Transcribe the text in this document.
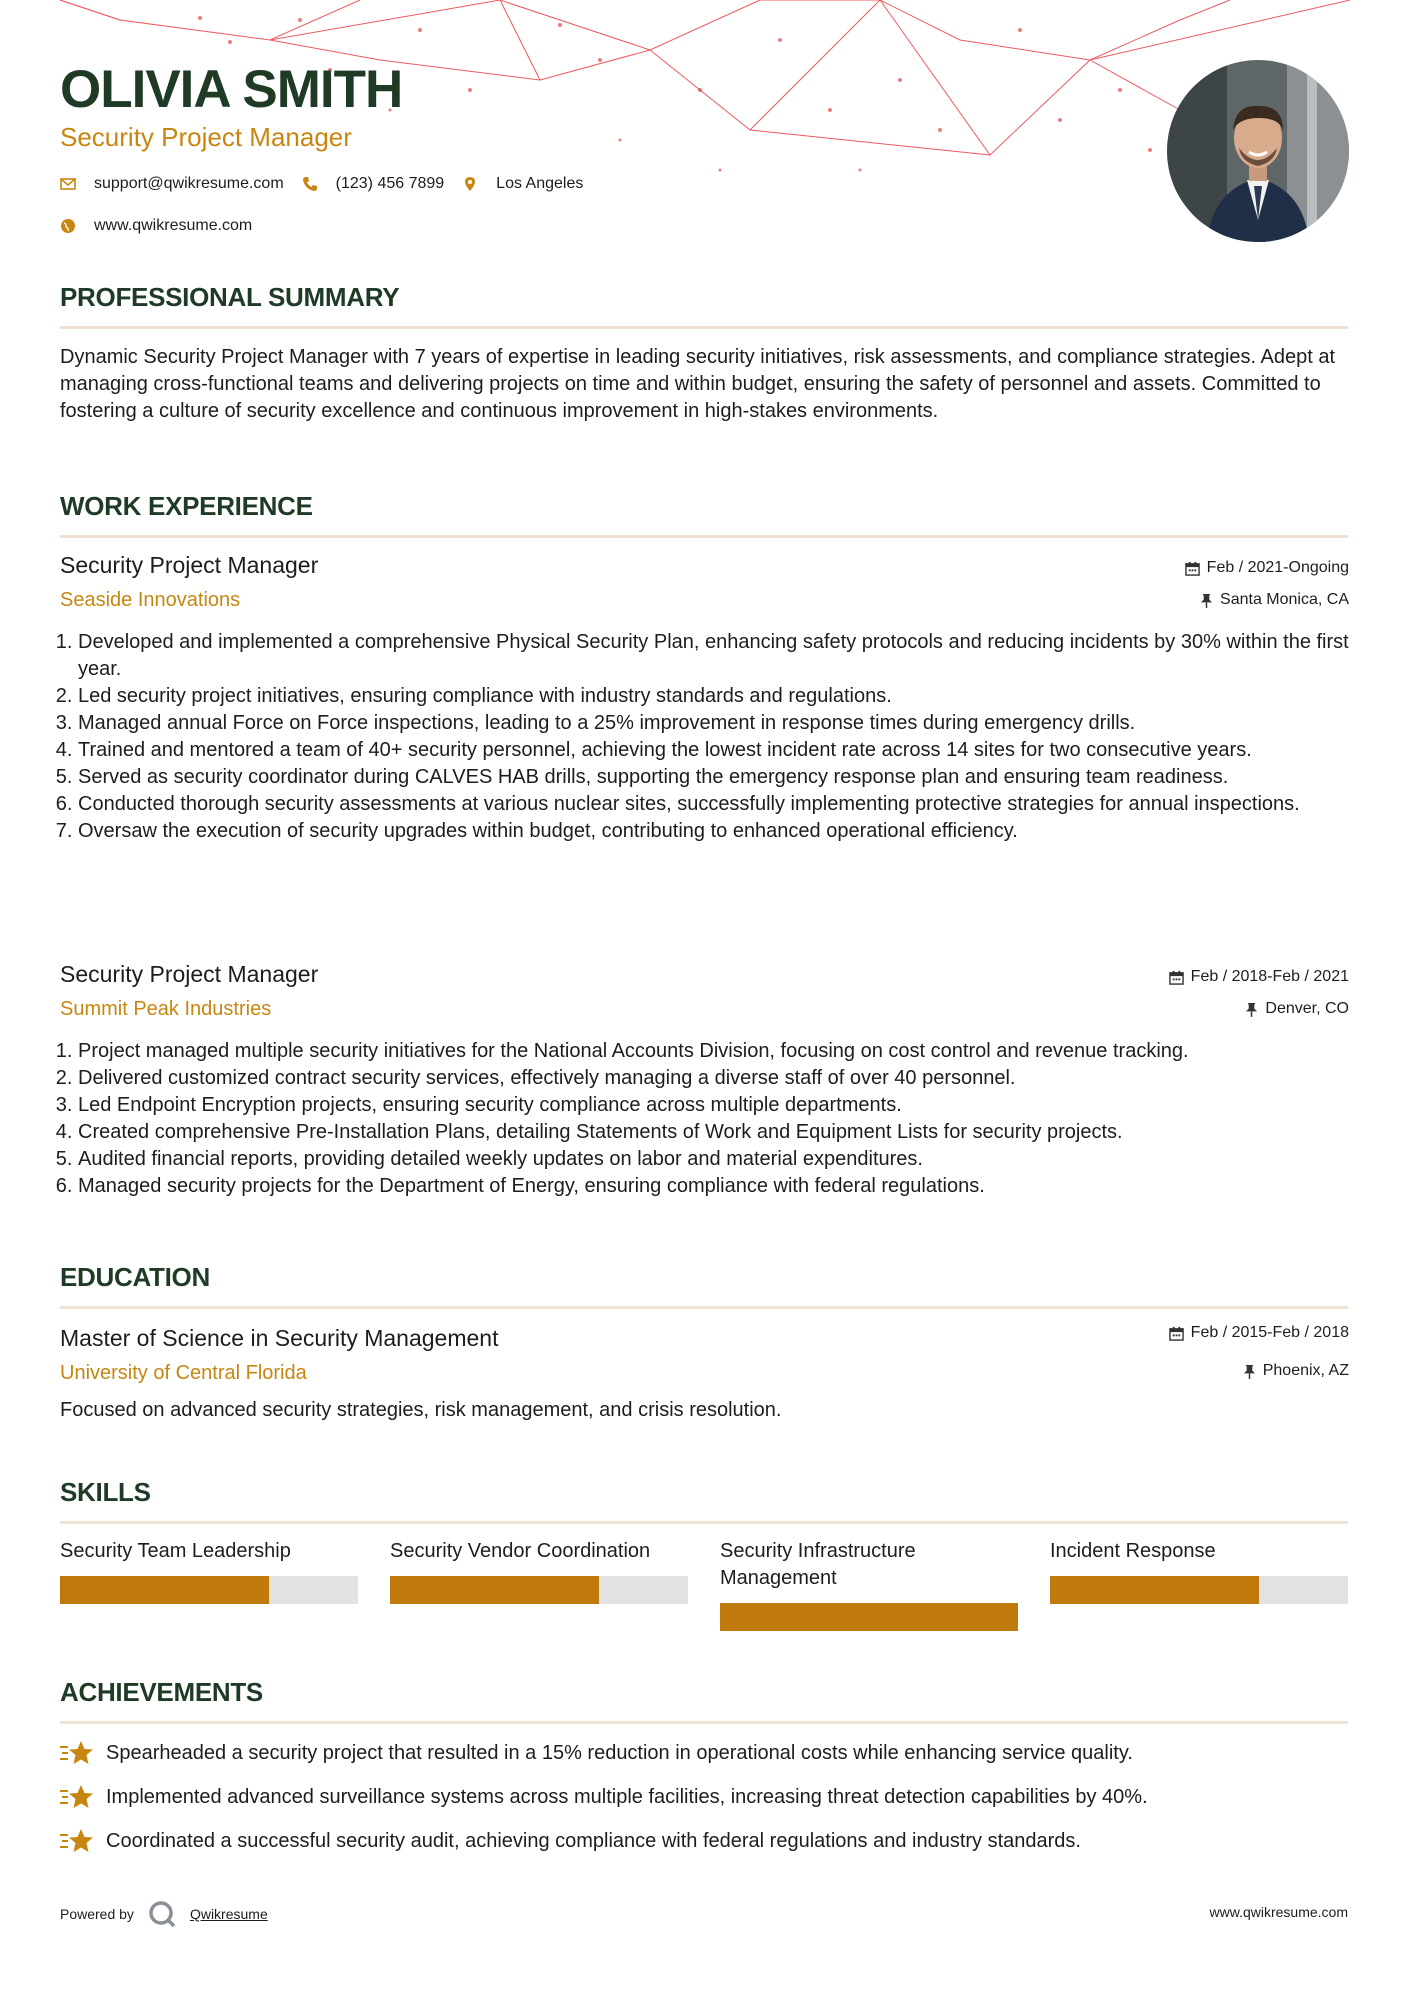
OLIVIA SMITH
Security Project Manager
support@qwikresume.com	(123) 456 7899	Los Angeles
www.qwikresume.com
PROFESSIONAL SUMMARY
Dynamic Security Project Manager with 7 years of expertise in leading security initiatives, risk assessments, and compliance strategies. Adept at managing cross-functional teams and delivering projects on time and within budget, ensuring the safety of personnel and assets. Committed to fostering a culture of security excellence and continuous improvement in high-stakes environments.
WORK EXPERIENCE
Security Project Manager
Seaside Innovations
Feb / 2021-Ongoing
Santa Monica, CA
1. Developed and implemented a comprehensive Physical Security Plan, enhancing safety protocols and reducing incidents by 30% within the first year.
2. Led security project initiatives, ensuring compliance with industry standards and regulations.
3. Managed annual Force on Force inspections, leading to a 25% improvement in response times during emergency drills.
4. Trained and mentored a team of 40+ security personnel, achieving the lowest incident rate across 14 sites for two consecutive years.
5. Served as security coordinator during CALVES HAB drills, supporting the emergency response plan and ensuring team readiness.
6. Conducted thorough security assessments at various nuclear sites, successfully implementing protective strategies for annual inspections.
7. Oversaw the execution of security upgrades within budget, contributing to enhanced operational efficiency.
Security Project Manager
Summit Peak Industries
Feb / 2018-Feb / 2021
Denver, CO
1. Project managed multiple security initiatives for the National Accounts Division, focusing on cost control and revenue tracking.
2. Delivered customized contract security services, effectively managing a diverse staff of over 40 personnel.
3. Led Endpoint Encryption projects, ensuring security compliance across multiple departments.
4. Created comprehensive Pre-Installation Plans, detailing Statements of Work and Equipment Lists for security projects.
5. Audited financial reports, providing detailed weekly updates on labor and material expenditures.
6. Managed security projects for the Department of Energy, ensuring compliance with federal regulations.
EDUCATION
Master of Science in Security Management
University of Central Florida
Feb / 2015-Feb / 2018
Phoenix, AZ
Focused on advanced security strategies, risk management, and crisis resolution.
SKILLS
Security Team Leadership	Security Vendor Coordination	Security Infrastructure Management
Incident Response
ACHIEVEMENTS
Spearheaded a security project that resulted in a 15% reduction in operational costs while enhancing service quality.
Implemented advanced surveillance systems across multiple facilities, increasing threat detection capabilities by 40%.
Coordinated a successful security audit, achieving compliance with federal regulations and industry standards.
Powered by	Qwikresume	www.qwikresume.com
